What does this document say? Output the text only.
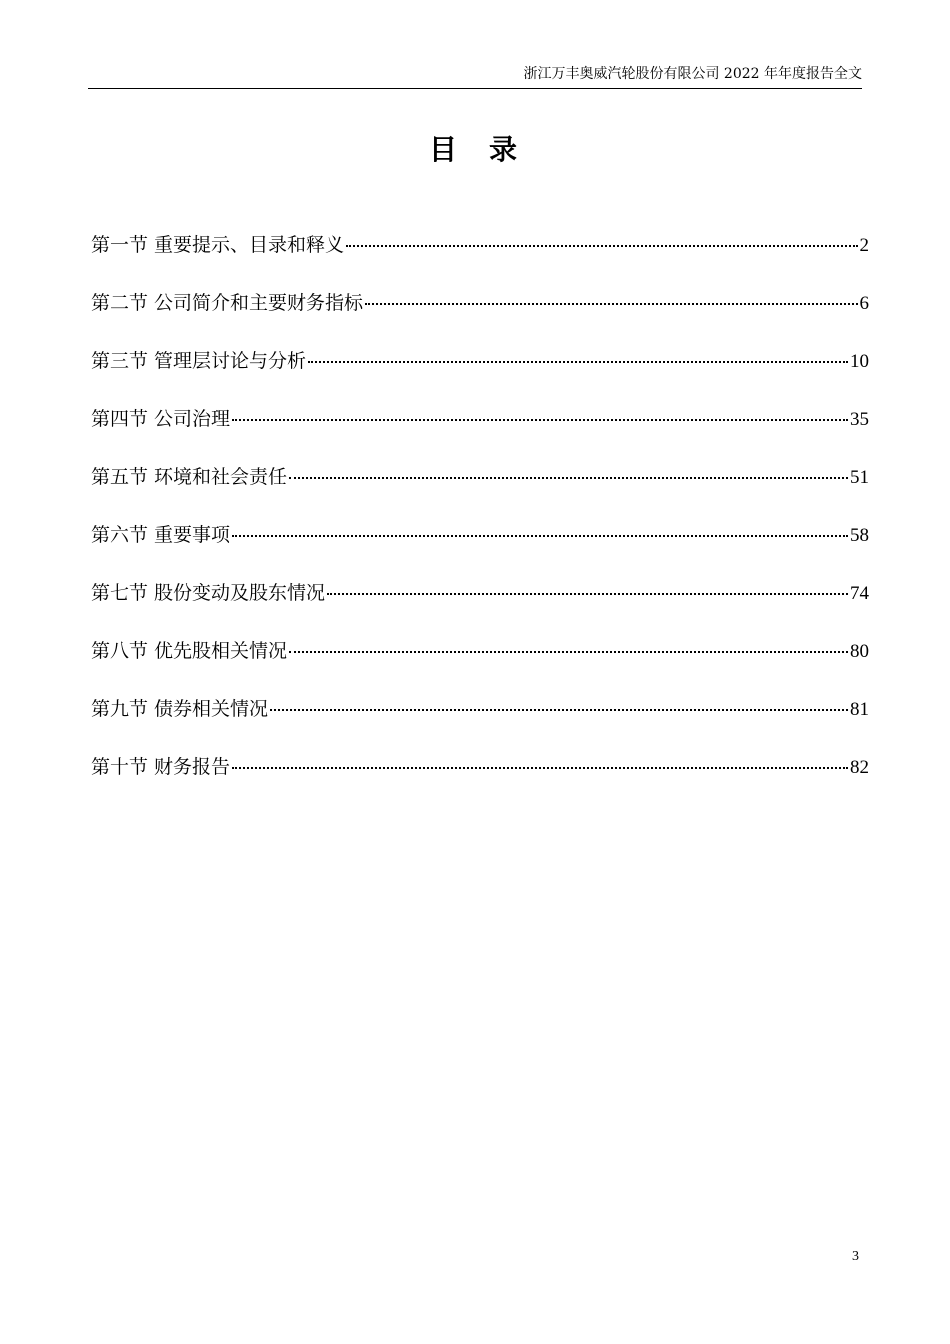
浙江万丰奥威汽轮股份有限公司 2022 年年度报告全文
目 录
第一节 重要提示、目录和释义	2
第二节 公司简介和主要财务指标	6
第三节 管理层讨论与分析	10
第四节 公司治理	35
第五节 环境和社会责任	51
第六节 重要事项	58
第七节 股份变动及股东情况	74
第八节 优先股相关情况	80
第九节 债券相关情况	81
第十节 财务报告	82
3
